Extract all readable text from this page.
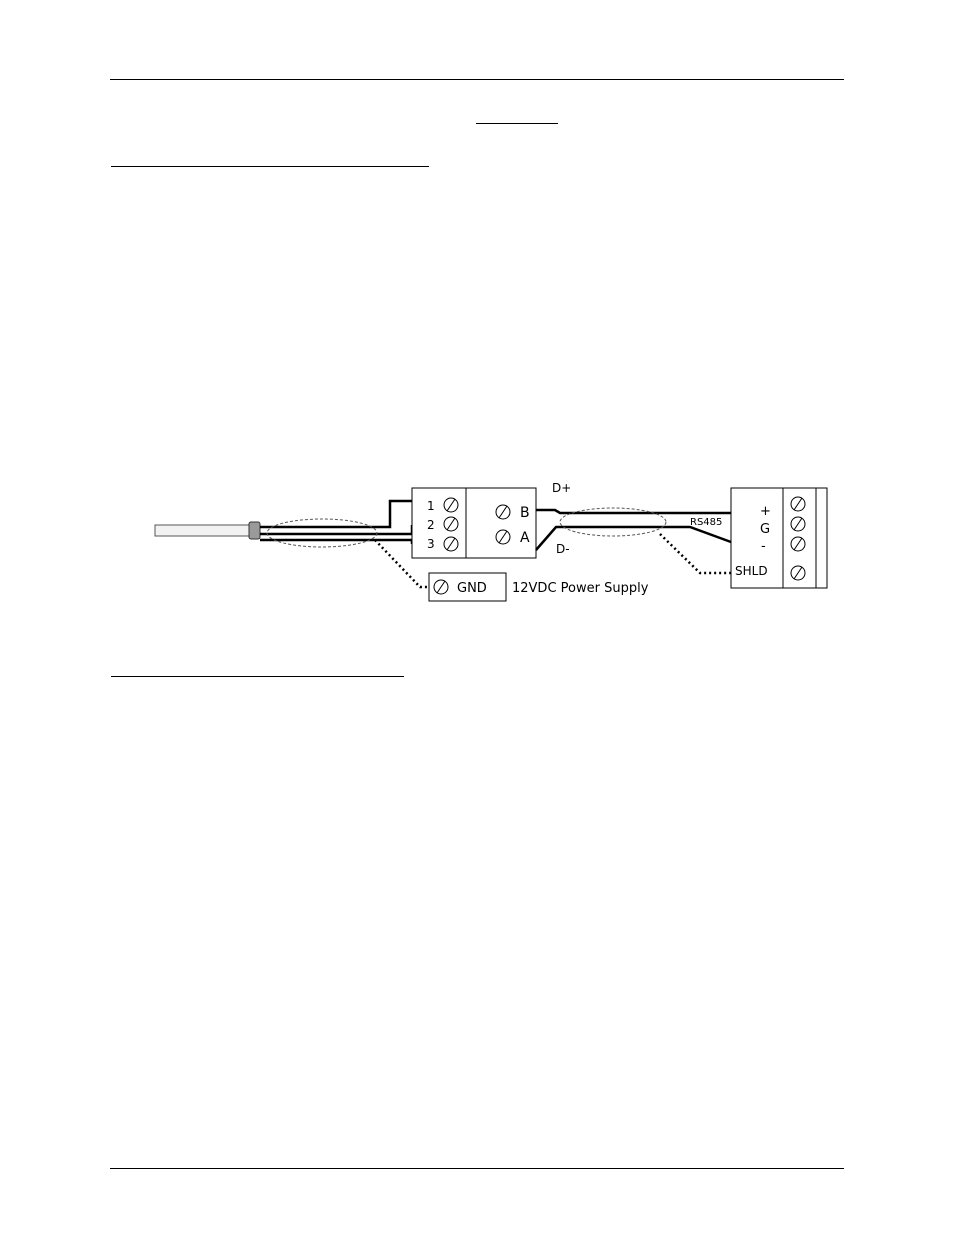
1
2
3
B
A
D+
D-
RS485
+
G
-
SHLD
GND 12VDC Power Supply
